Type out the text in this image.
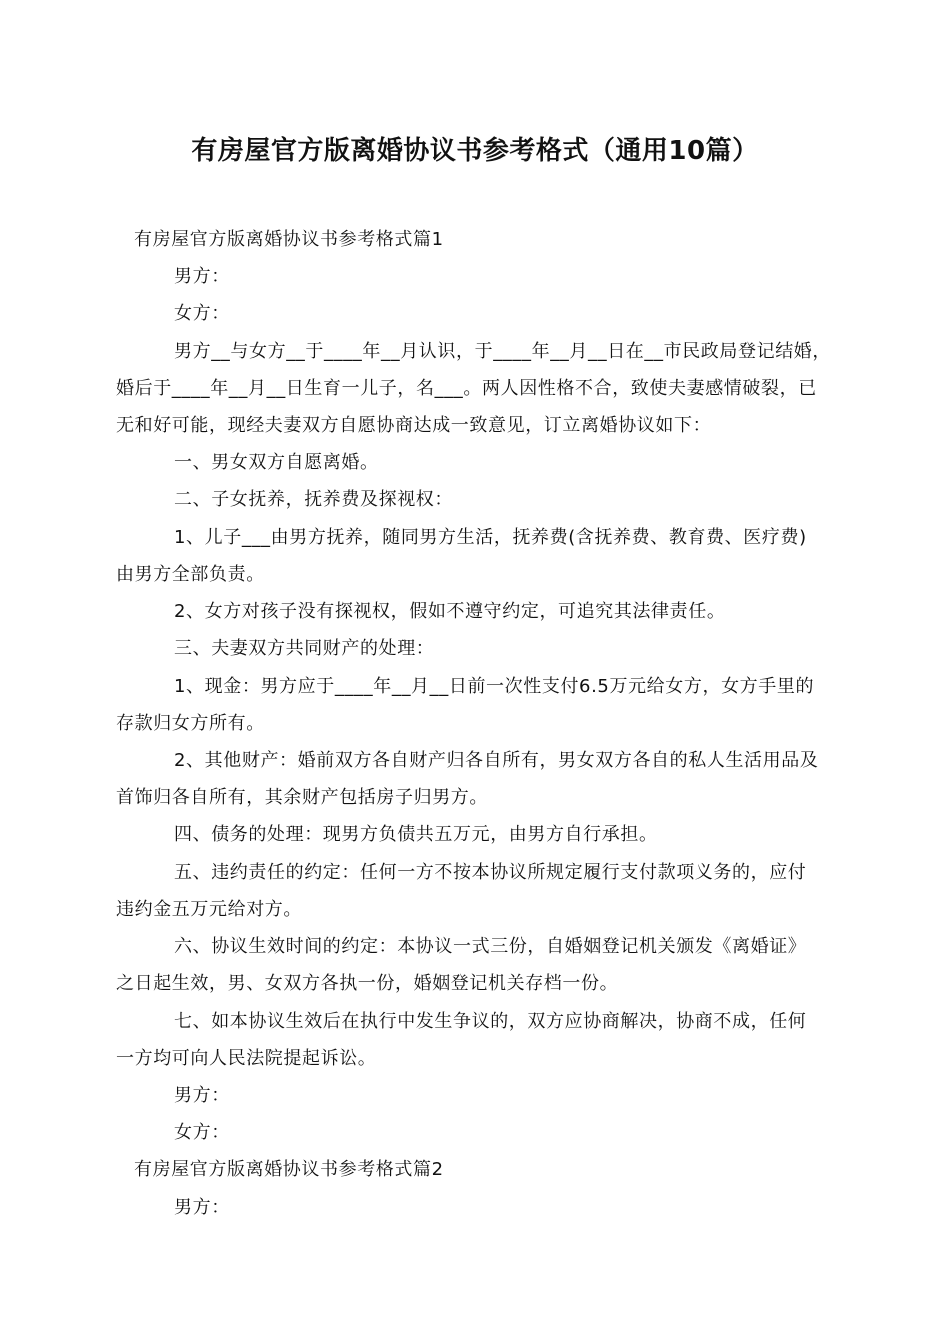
有房屋官方版离婚协议书参考格式（通用10篇）
有房屋官方版离婚协议书参考格式篇1
男方：
女方：
男方__与女方__于____年__月认识，于____年__月__日在__市民政局登记结婚，
婚后于____年__月__日生育一儿子，名___。两人因性格不合，致使夫妻感情破裂，已
无和好可能，现经夫妻双方自愿协商达成一致意见，订立离婚协议如下：
一、男女双方自愿离婚。
二、子女抚养，抚养费及探视权：
1、儿子___由男方抚养，随同男方生活，抚养费(含抚养费、教育费、医疗费)
由男方全部负责。
2、女方对孩子没有探视权，假如不遵守约定，可追究其法律责任。
三、夫妻双方共同财产的处理：
1、现金：男方应于____年__月__日前一次性支付6.5万元给女方，女方手里的
存款归女方所有。
2、其他财产：婚前双方各自财产归各自所有，男女双方各自的私人生活用品及
首饰归各自所有，其余财产包括房子归男方。
四、债务的处理：现男方负债共五万元，由男方自行承担。
五、违约责任的约定：任何一方不按本协议所规定履行支付款项义务的，应付
违约金五万元给对方。
六、协议生效时间的约定：本协议一式三份，自婚姻登记机关颁发《离婚证》
之日起生效，男、女双方各执一份，婚姻登记机关存档一份。
七、如本协议生效后在执行中发生争议的，双方应协商解决，协商不成，任何
一方均可向人民法院提起诉讼。
男方：
女方：
有房屋官方版离婚协议书参考格式篇2
男方：
